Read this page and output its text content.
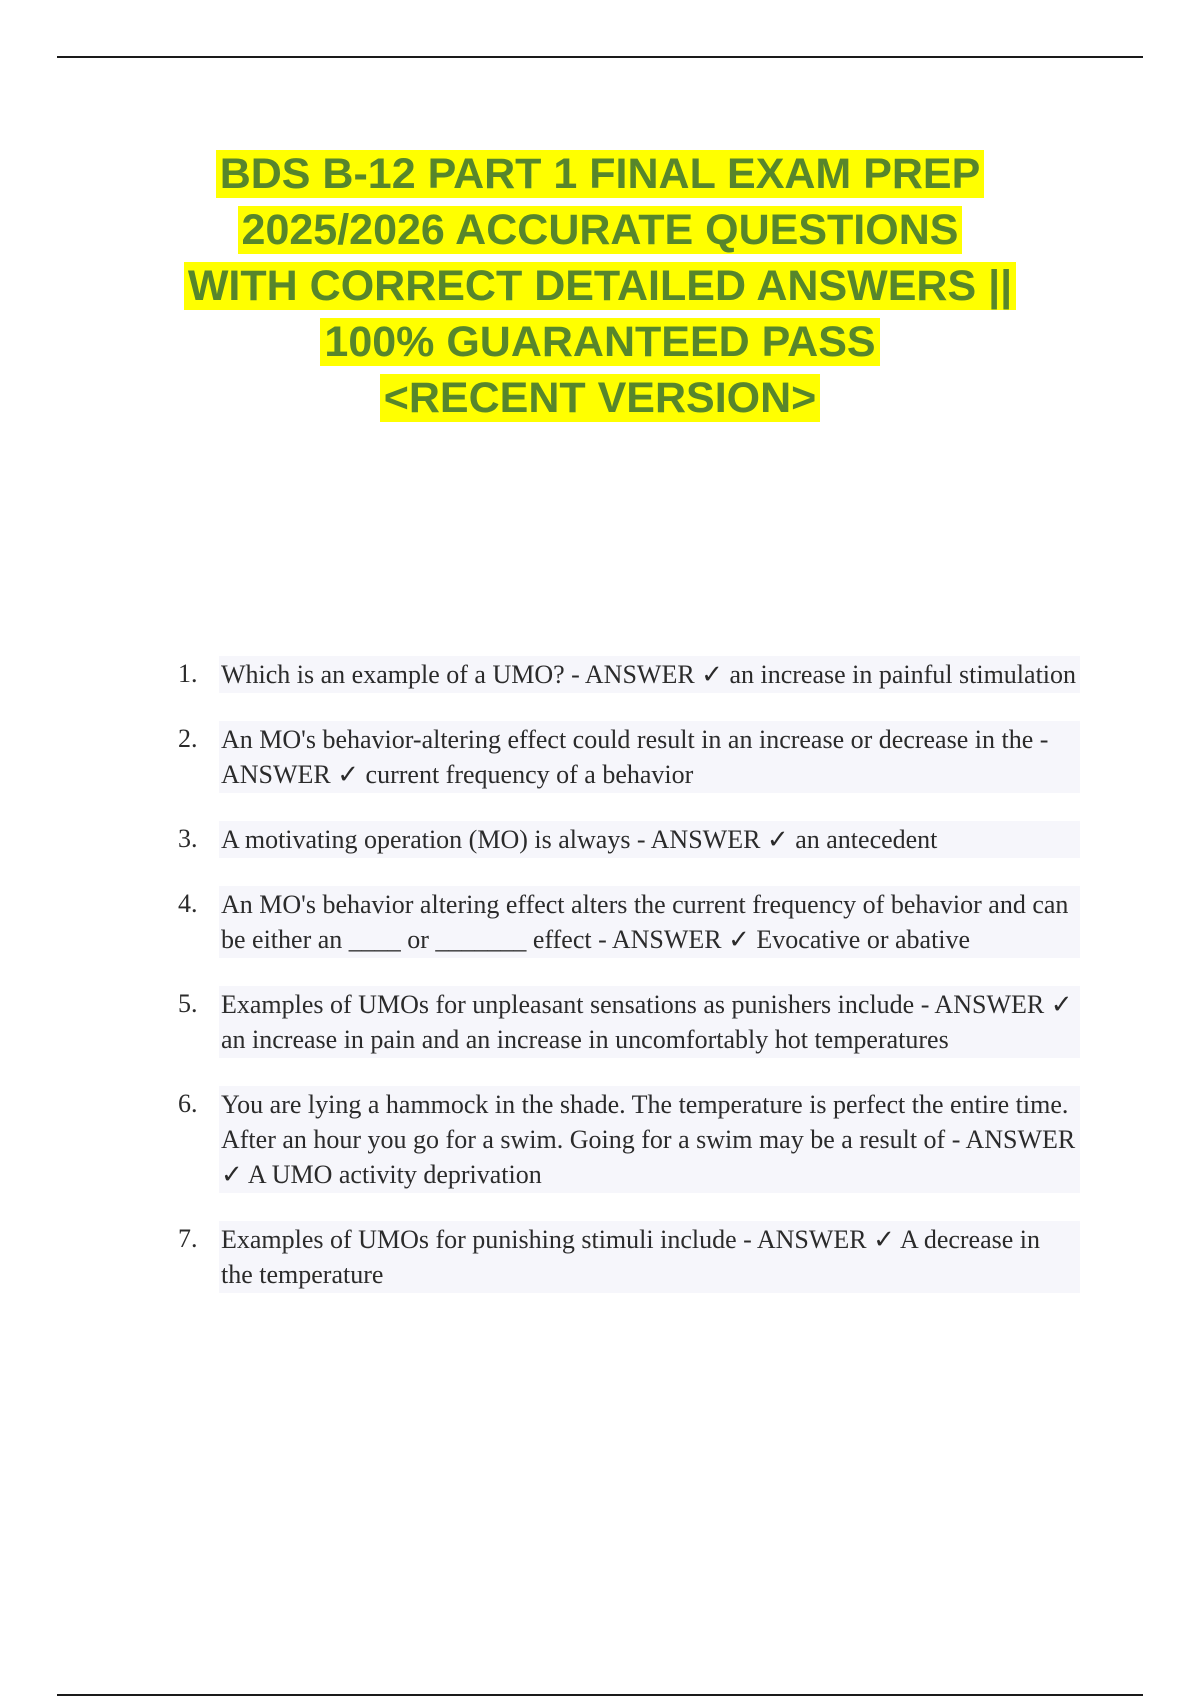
BDS B-12 PART 1 FINAL EXAM PREP
2025/2026 ACCURATE QUESTIONS
WITH CORRECT DETAILED ANSWERS ||
100% GUARANTEED PASS
<RECENT VERSION>
1. Which is an example of a UMO? - ANSWER ✓ an increase in painful stimulation
2. An MO's behavior-altering effect could result in an increase or decrease in the - ANSWER ✓ current frequency of a behavior
3. A motivating operation (MO) is always - ANSWER ✓ an antecedent
4. An MO's behavior altering effect alters the current frequency of behavior and can be either an ____ or _______ effect - ANSWER ✓ Evocative or abative
5. Examples of UMOs for unpleasant sensations as punishers include - ANSWER ✓ an increase in pain and an increase in uncomfortably hot temperatures
6. You are lying a hammock in the shade. The temperature is perfect the entire time. After an hour you go for a swim. Going for a swim may be a result of - ANSWER ✓ A UMO activity deprivation
7. Examples of UMOs for punishing stimuli include - ANSWER ✓ A decrease in the temperature
